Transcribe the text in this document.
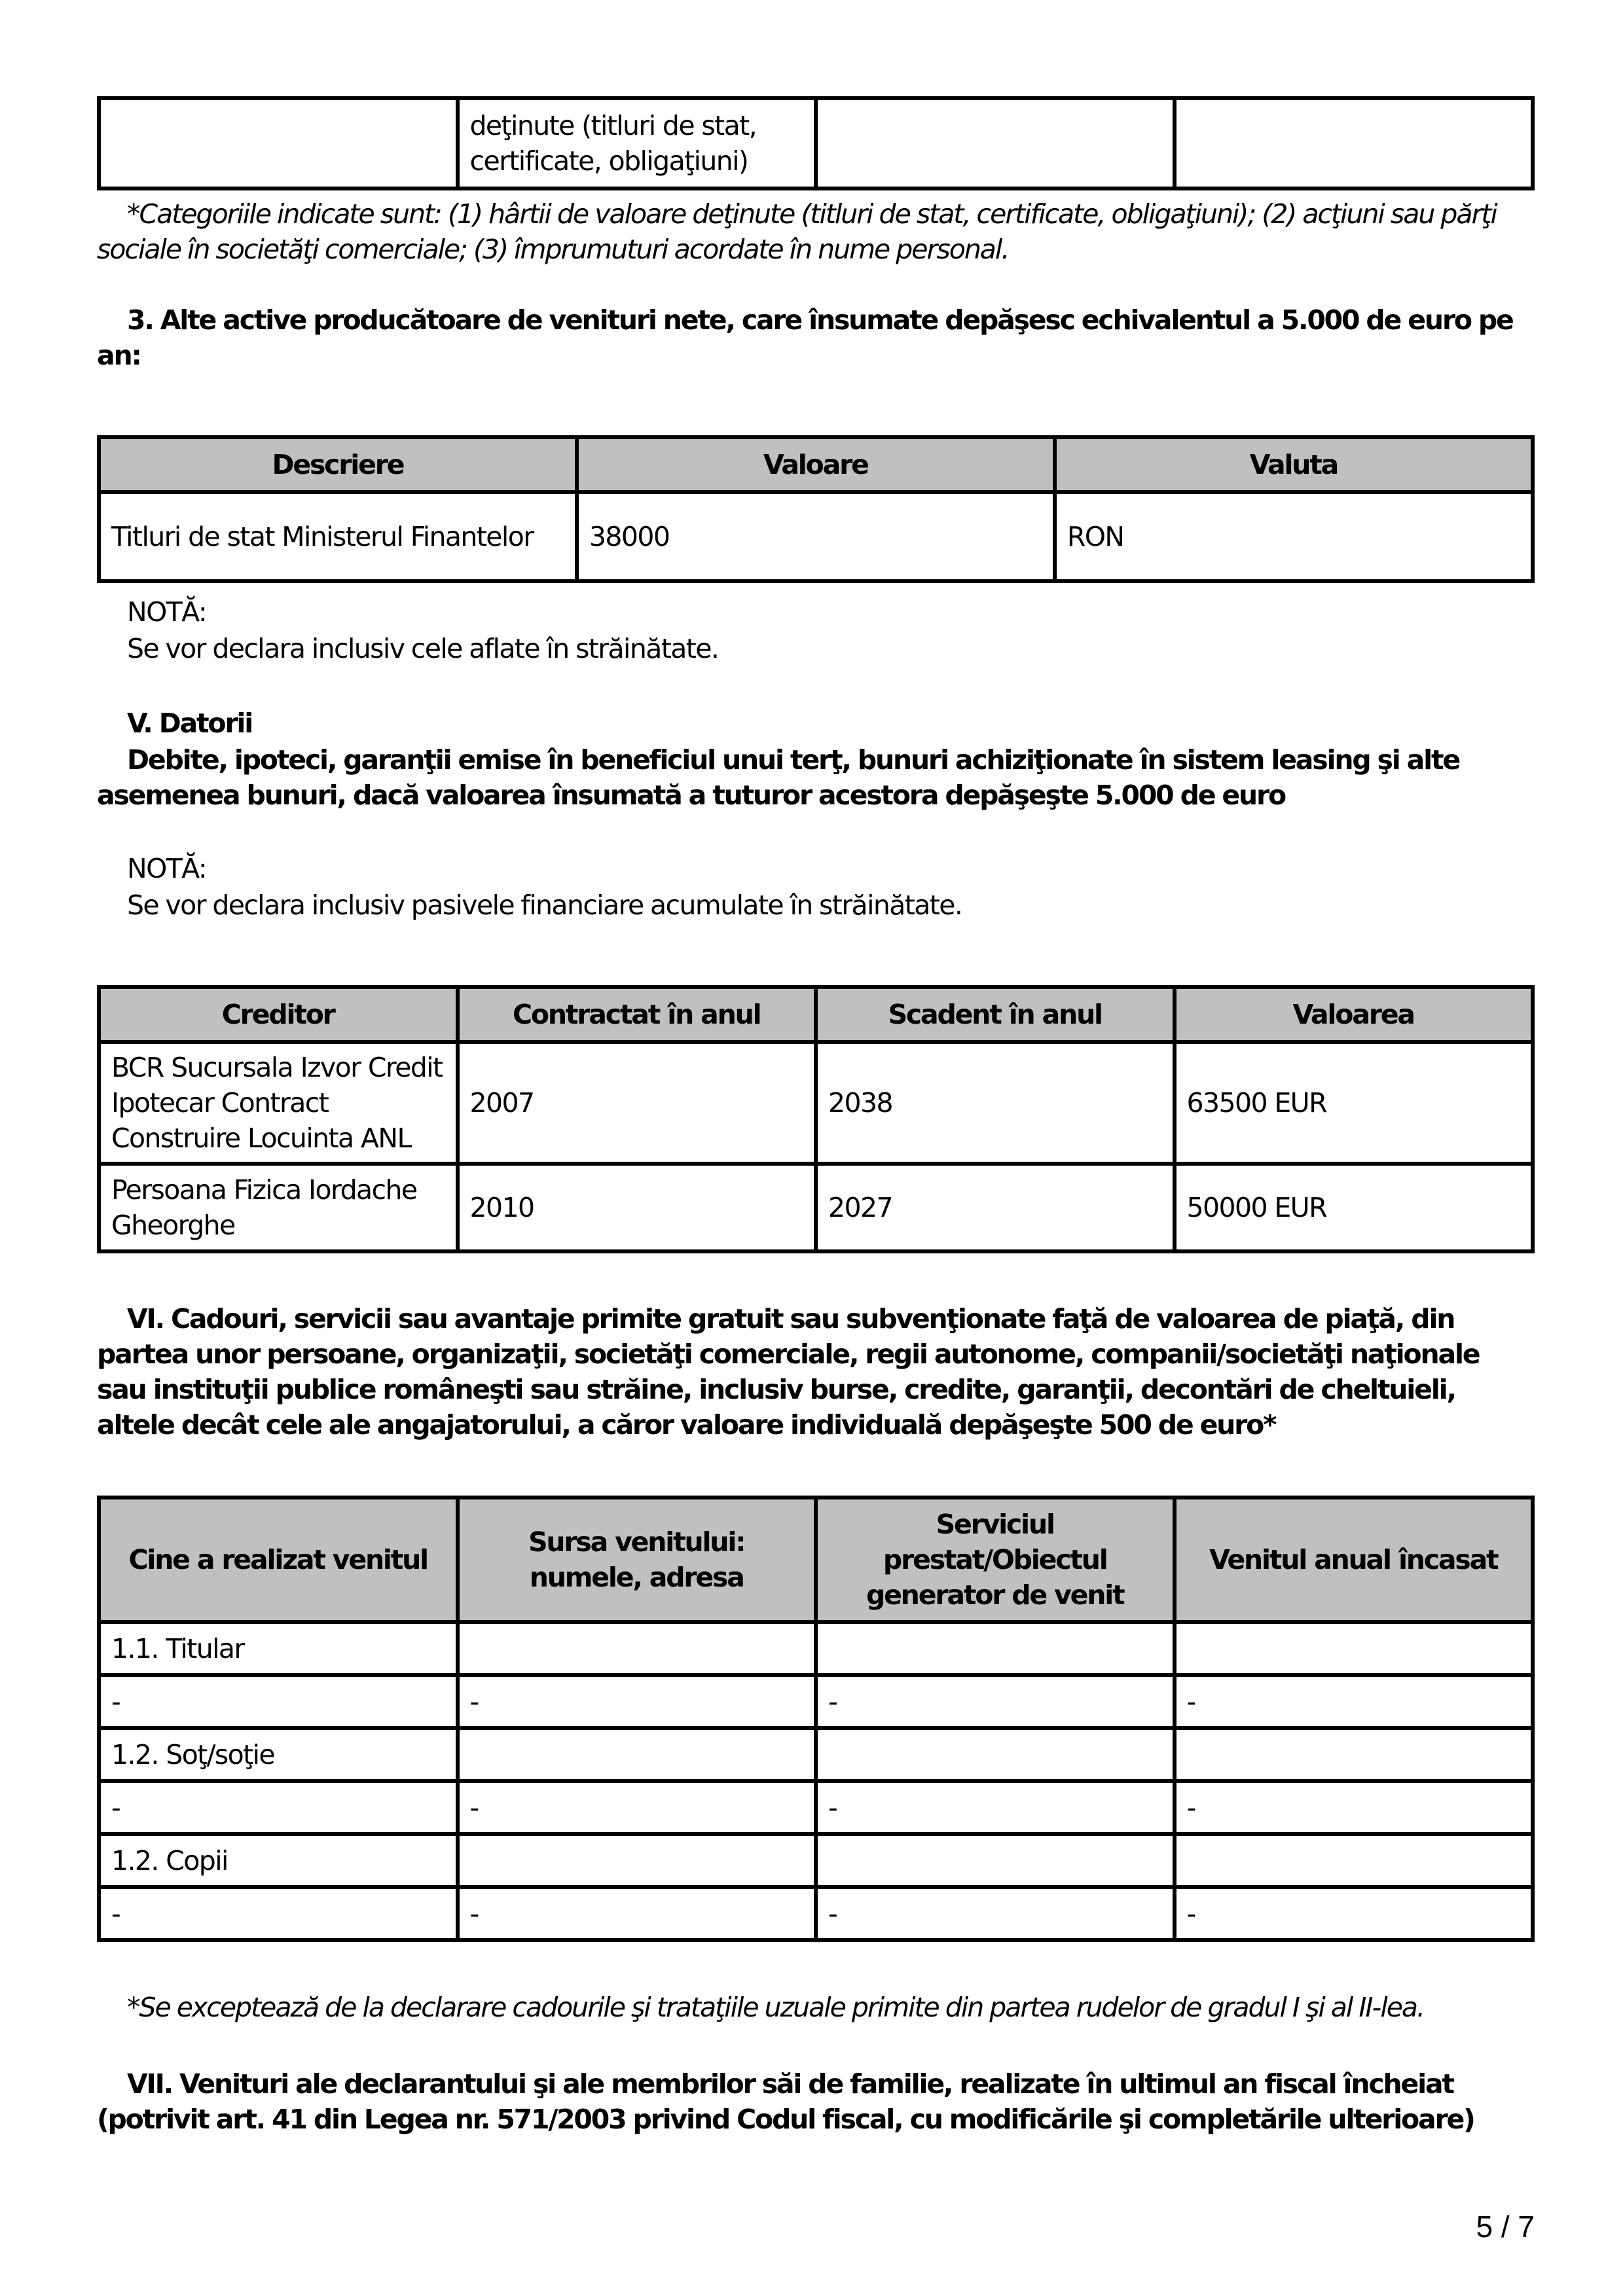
	deţinute (titluri de stat, certificate, obligaţiuni)		
*Categoriile indicate sunt: (1) hârtii de valoare deţinute (titluri de stat, certificate, obligaţiuni); (2) acţiuni sau părţi sociale în societăţi comerciale; (3) împrumuturi acordate în nume personal.
3. Alte active producătoare de venituri nete, care însumate depăşesc echivalentul a 5.000 de euro pe an:
Descriere	Valoare	Valuta
Titluri de stat Ministerul Finantelor	38000	RON
NOTĂ:
Se vor declara inclusiv cele aflate în străinătate.
V. Datorii
Debite, ipoteci, garanţii emise în beneficiul unui terţ, bunuri achiziţionate în sistem leasing şi alte asemenea bunuri, dacă valoarea însumată a tuturor acestora depăşeşte 5.000 de euro
NOTĂ:
Se vor declara inclusiv pasivele financiare acumulate în străinătate.
Creditor	Contractat în anul	Scadent în anul	Valoarea
BCR Sucursala Izvor Credit Ipotecar Contract Construire Locuinta ANL	2007	2038	63500 EUR
Persoana Fizica Iordache Gheorghe	2010	2027	50000 EUR
VI. Cadouri, servicii sau avantaje primite gratuit sau subvenţionate faţă de valoarea de piaţă, din partea unor persoane, organizaţii, societăţi comerciale, regii autonome, companii/societăţi naţionale sau instituţii publice româneşti sau străine, inclusiv burse, credite, garanţii, decontări de cheltuieli, altele decât cele ale angajatorului, a căror valoare individuală depăşeşte 500 de euro*
Cine a realizat venitul	Sursa venitului: numele, adresa	Serviciul prestat/Obiectul generator de venit	Venitul anual încasat
1.1. Titular			
-	-	-	-
1.2. Soţ/soţie			
-	-	-	-
1.2. Copii			
-	-	-	-
*Se exceptează de la declarare cadourile şi trataţiile uzuale primite din partea rudelor de gradul I şi al II-lea.
VII. Venituri ale declarantului şi ale membrilor săi de familie, realizate în ultimul an fiscal încheiat (potrivit art. 41 din Legea nr. 571/2003 privind Codul fiscal, cu modificările şi completările ulterioare)
5 / 7
